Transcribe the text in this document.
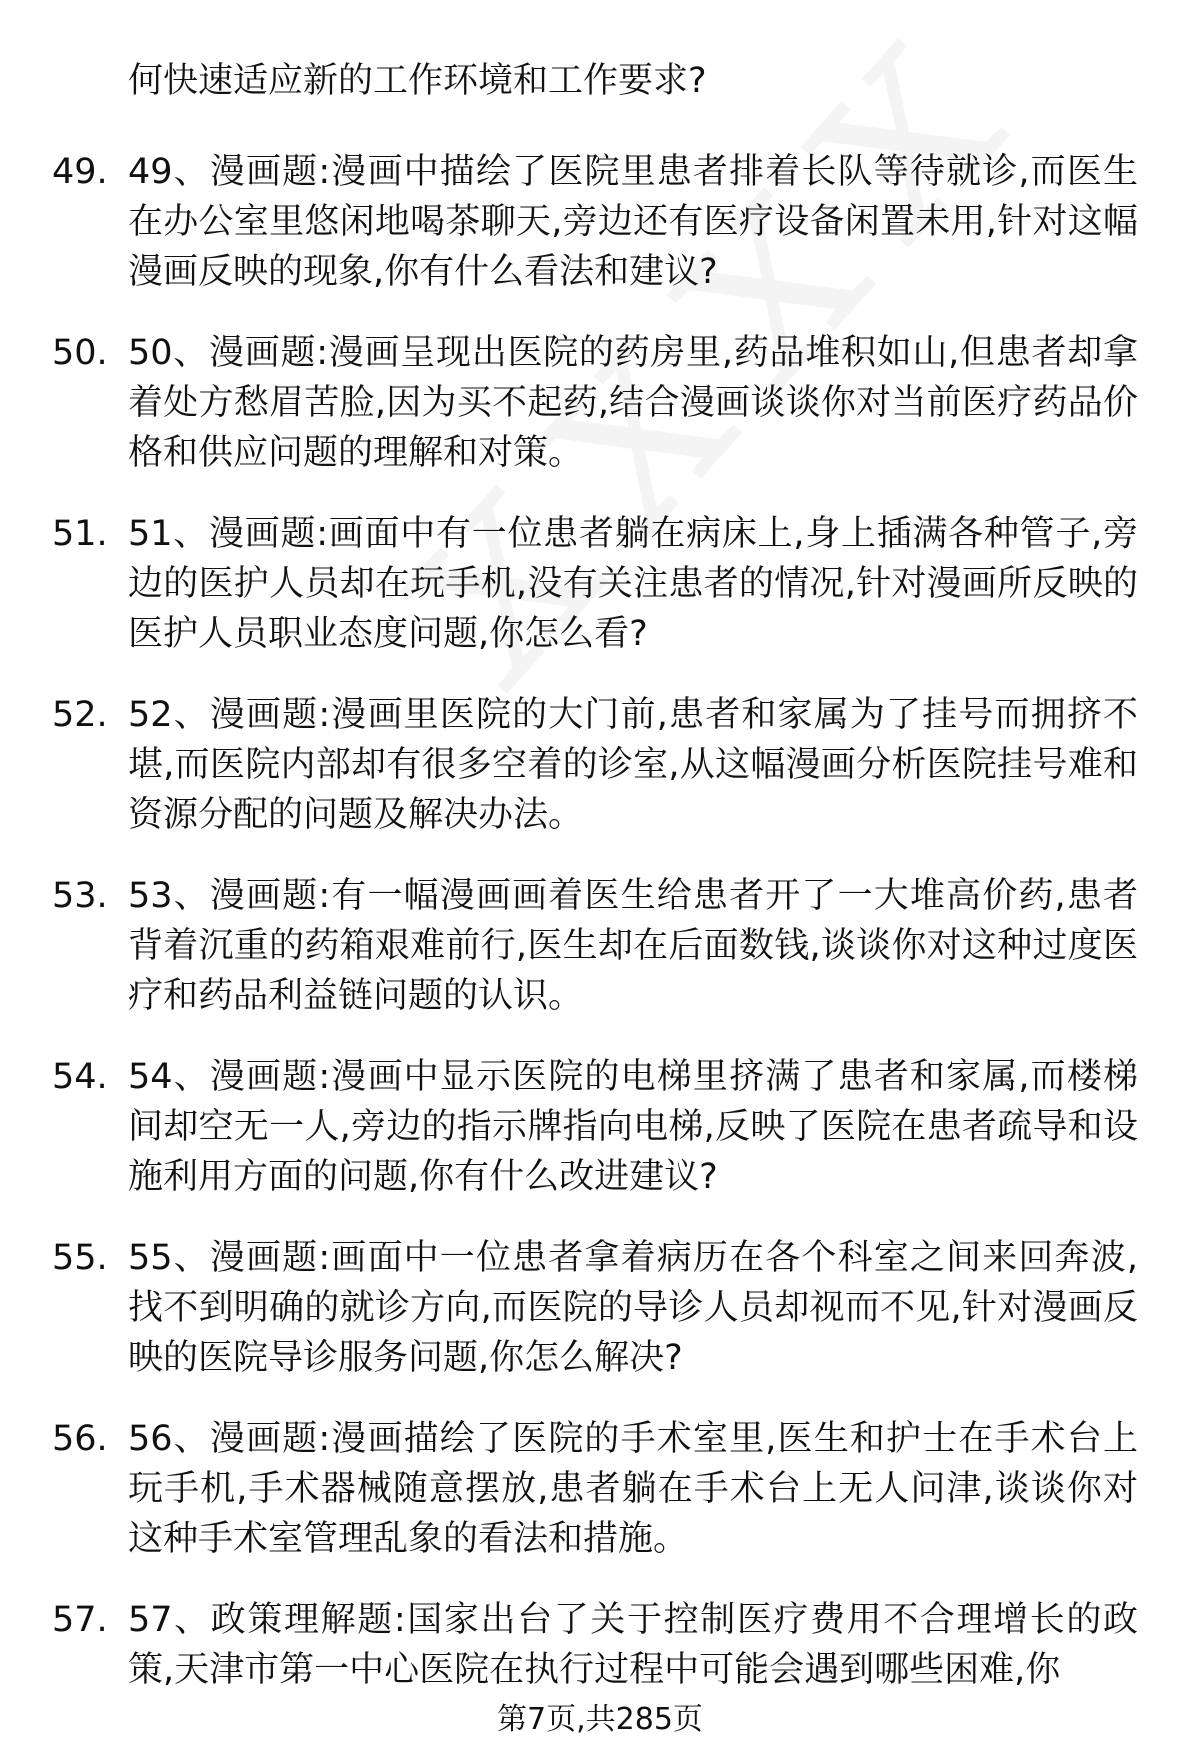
何快速适应新的工作环境和工作要求?
49. 49、漫画题:漫画中描绘了医院里患者排着长队等待就诊,而医生在办公室里悠闲地喝茶聊天,旁边还有医疗设备闲置未用,针对这幅漫画反映的现象,你有什么看法和建议?
50. 50、漫画题:漫画呈现出医院的药房里,药品堆积如山,但患者却拿着处方愁眉苦脸,因为买不起药,结合漫画谈谈你对当前医疗药品价格和供应问题的理解和对策。
51. 51、漫画题:画面中有一位患者躺在病床上,身上插满各种管子,旁边的医护人员却在玩手机,没有关注患者的情况,针对漫画所反映的医护人员职业态度问题,你怎么看?
52. 52、漫画题:漫画里医院的大门前,患者和家属为了挂号而拥挤不堪,而医院内部却有很多空着的诊室,从这幅漫画分析医院挂号难和资源分配的问题及解决办法。
53. 53、漫画题:有一幅漫画画着医生给患者开了一大堆高价药,患者背着沉重的药箱艰难前行,医生却在后面数钱,谈谈你对这种过度医疗和药品利益链问题的认识。
54. 54、漫画题:漫画中显示医院的电梯里挤满了患者和家属,而楼梯间却空无一人,旁边的指示牌指向电梯,反映了医院在患者疏导和设施利用方面的问题,你有什么改进建议?
55. 55、漫画题:画面中一位患者拿着病历在各个科室之间来回奔波,找不到明确的就诊方向,而医院的导诊人员却视而不见,针对漫画反映的医院导诊服务问题,你怎么解决?
56. 56、漫画题:漫画描绘了医院的手术室里,医生和护士在手术台上玩手机,手术器械随意摆放,患者躺在手术台上无人问津,谈谈你对这种手术室管理乱象的看法和措施。
57. 57、政策理解题:国家出台了关于控制医疗费用不合理增长的政策,天津市第一中心医院在执行过程中可能会遇到哪些困难,你
第7页,共285页
